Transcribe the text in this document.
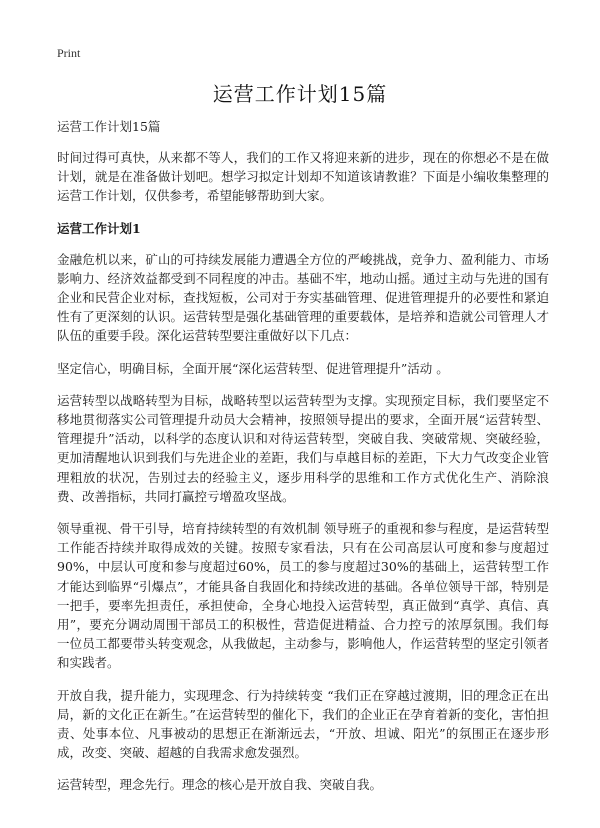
Print
运营工作计划15篇
运营工作计划15篇

时间过得可真快，从来都不等人，我们的工作又将迎来新的进步，现在的你想必不是在做计划，就是在准备做计划吧。想学习拟定计划却不知道该请教谁？下面是小编收集整理的运营工作计划，仅供参考，希望能够帮助到大家。

运营工作计划1

金融危机以来，矿山的可持续发展能力遭遇全方位的严峻挑战，竞争力、盈利能力、市场影响力、经济效益都受到不同程度的冲击。基础不牢，地动山摇。通过主动与先进的国有企业和民营企业对标，查找短板，公司对于夯实基础管理、促进管理提升的必要性和紧迫性有了更深刻的认识。运营转型是强化基础管理的重要载体，是培养和造就公司管理人才队伍的重要手段。深化运营转型要注重做好以下几点：

坚定信心，明确目标，全面开展“深化运营转型、促进管理提升”活动 。

运营转型以战略转型为目标，战略转型以运营转型为支撑。实现预定目标，我们要坚定不移地贯彻落实公司管理提升动员大会精神，按照领导提出的要求，全面开展“运营转型、管理提升”活动，以科学的态度认识和对待运营转型，突破自我、突破常规、突破经验，更加清醒地认识到我们与先进企业的差距，我们与卓越目标的差距，下大力气改变企业管理粗放的状况，告别过去的经验主义，逐步用科学的思维和工作方式优化生产、消除浪费、改善指标，共同打赢控亏增盈攻坚战。

领导重视、骨干引导，培育持续转型的有效机制 领导班子的重视和参与程度，是运营转型工作能否持续并取得成效的关键。按照专家看法，只有在公司高层认可度和参与度超过90%，中层认可度和参与度超过60%，员工的参与度超过30%的基础上，运营转型工作才能达到临界“引爆点”，才能具备自我固化和持续改进的基础。各单位领导干部，特别是一把手，要率先担责任，承担使命，全身心地投入运营转型，真正做到“真学、真信、真用”，要充分调动周围干部员工的积极性，营造促进精益、合力控亏的浓厚氛围。我们每一位员工都要带头转变观念，从我做起，主动参与，影响他人，作运营转型的坚定引领者和实践者。

开放自我，提升能力，实现理念、行为持续转变 “我们正在穿越过渡期，旧的理念正在出局，新的文化正在新生。”在运营转型的催化下，我们的企业正在孕育着新的变化，害怕担责、处事本位、凡事被动的思想正在渐渐远去，“开放、坦诚、阳光”的氛围正在逐步形成，改变、突破、超越的自我需求愈发强烈。

运营转型，理念先行。理念的核心是开放自我、突破自我。
